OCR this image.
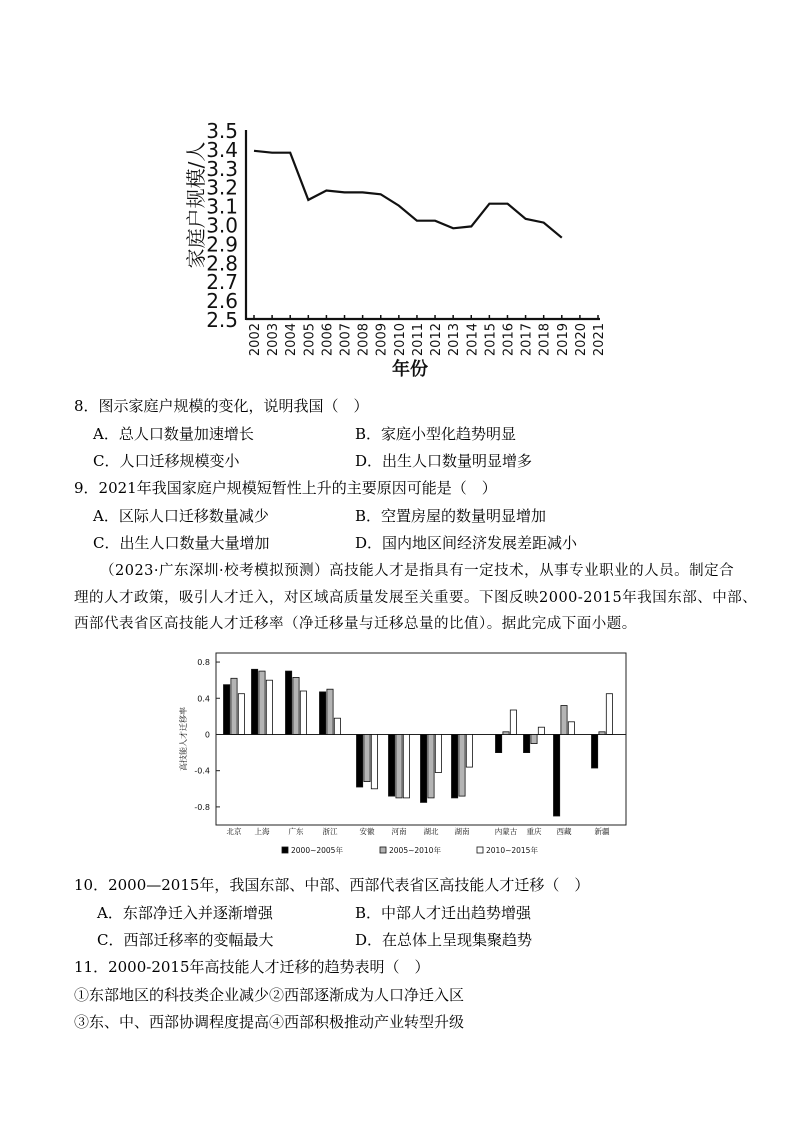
2.5
2.6
2.7
2.8
2.9
3.0
3.1
3.2
3.3
3.4
3.5
2002 2003 2004 2005 2006 2007 2008 2009 2010 2011 2012 2013 2014 2015 2016 2017 2018 2019 2020 2021
家庭户规模/人
年份
8．图示家庭户规模的变化，说明我国（　）
A．总人口数量加速增长	B．家庭小型化趋势明显
C．人口迁移规模变小	D．出生人口数量明显增多
9．2021年我国家庭户规模短暂性上升的主要原因可能是（　）
A．区际人口迁移数量减少	B．空置房屋的数量明显增加
C．出生人口数量大量增加	D．国内地区间经济发展差距减小
（2023·广东深圳·校考模拟预测）高技能人才是指具有一定技术，从事专业职业的人员。制定合
理的人才政策，吸引人才迁入，对区域高质量发展至关重要。下图反映2000-2015年我国东部、中部、
西部代表省区高技能人才迁移率（净迁移量与迁移总量的比值）。据此完成下面小题。
0.8
0.4
0
-0.4
-0.8
北京 上海	广东	浙江	安徽 河南 湖北 湖南	内蒙古 重庆 西藏	新疆
高技能人才迁移率
2000~2005年	2005~2010年	2010~2015年
10．2000—2015年，我国东部、中部、西部代表省区高技能人才迁移（　）
A．东部净迁入并逐渐增强	B．中部人才迁出趋势增强
C．西部迁移率的变幅最大	D．在总体上呈现集聚趋势
11．2000-2015年高技能人才迁移的趋势表明（　）
①东部地区的科技类企业减少②西部逐渐成为人口净迁入区
③东、中、西部协调程度提高④西部积极推动产业转型升级
